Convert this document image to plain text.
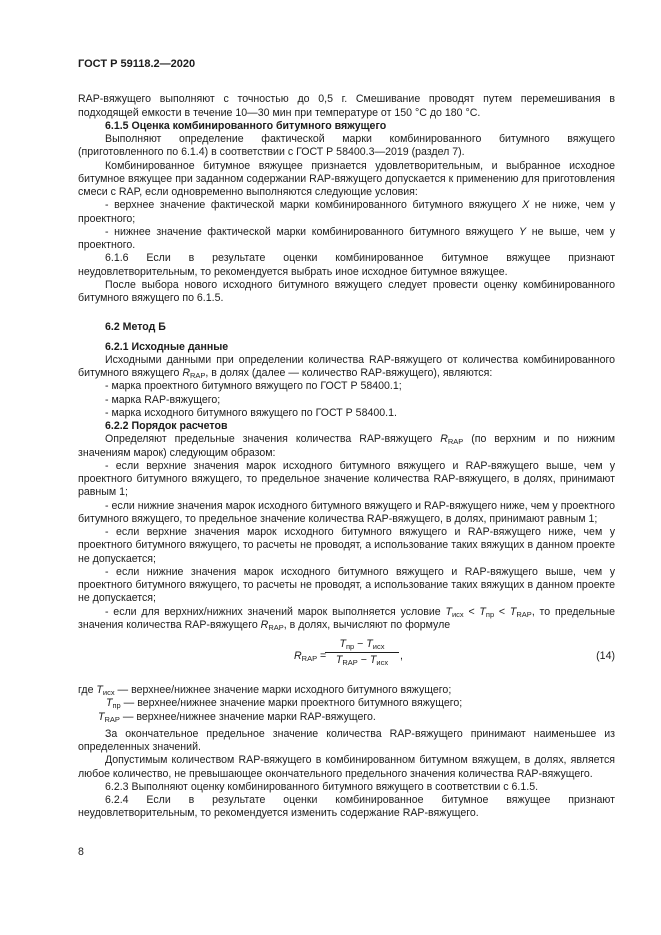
ГОСТ Р 59118.2—2020

RAP-вяжущего выполняют с точностью до 0,5 г. Смешивание проводят путем перемешивания в подходящей емкости в течение 10—30 мин при температуре от 150 °С до 180 °С.

6.1.5 Оценка комбинированного битумного вяжущего

Выполняют определение фактической марки комбинированного битумного вяжущего (приготовленного по 6.1.4) в соответствии с ГОСТ Р 58400.3—2019 (раздел 7).

Комбинированное битумное вяжущее признается удовлетворительным, и выбранное исходное битумное вяжущее при заданном содержании RAP-вяжущего допускается к применению для приготовления смеси с RAP, если одновременно выполняются следующие условия:

- верхнее значение фактической марки комбинированного битумного вяжущего X не ниже, чем у проектного;

- нижнее значение фактической марки комбинированного битумного вяжущего Y не выше, чем у проектного.

6.1.6 Если в результате оценки комбинированное битумное вяжущее признают неудовлетворительным, то рекомендуется выбрать иное исходное битумное вяжущее.

После выбора нового исходного битумного вяжущего следует провести оценку комбинированного битумного вяжущего по 6.1.5.

6.2 Метод Б

6.2.1 Исходные данные

Исходными данными при определении количества RAP-вяжущего от количества комбинированного битумного вяжущего $R_{RAP}$, в долях (далее — количество RAP-вяжущего), являются:

- марка проектного битумного вяжущего по ГОСТ Р 58400.1;

- марка RAP-вяжущего;

- марка исходного битумного вяжущего по ГОСТ Р 58400.1.

6.2.2 Порядок расчетов

Определяют предельные значения количества RAP-вяжущего $R_{RAP}$ (по верхним и по нижним значениям марок) следующим образом:

- если верхние значения марок исходного битумного вяжущего и RAP-вяжущего выше, чем у проектного битумного вяжущего, то предельное значение количества RAP-вяжущего, в долях, принимают равным 1;

- если нижние значения марок исходного битумного вяжущего и RAP-вяжущего ниже, чем у проектного битумного вяжущего, то предельное значение количества RAP-вяжущего, в долях, принимают равным 1;

- если верхние значения марок исходного битумного вяжущего и RAP-вяжущего ниже, чем у проектного битумного вяжущего, то расчеты не проводят, а использование таких вяжущих в данном проекте не допускается;

- если нижние значения марок исходного битумного вяжущего и RAP-вяжущего выше, чем у проектного битумного вяжущего, то расчеты не проводят, а использование таких вяжущих в данном проекте не допускается;

- если для верхних/нижних значений марок выполняется условие $T_{исх} < T_{пр} < T_{RAP}$, то предельные значения количества RAP-вяжущего $R_{RAP}$, в долях, вычисляют по формуле

$R_{RAP}$ =
$T_{пр} - T_{исх}$
$T_{RAP} - T_{исх}$
,	(14)
где $T_{исх}$ — верхнее/нижнее значение марки исходного битумного вяжущего;
$T_{пр}$ — верхнее/нижнее значение марки проектного битумного вяжущего;
$T_{RAP}$ — верхнее/нижнее значение марки RAP-вяжущего.

За окончательное предельное значение количества RAP-вяжущего принимают наименьшее из определенных значений.

Допустимым количеством RAP-вяжущего в комбинированном битумном вяжущем, в долях, является любое количество, не превышающее окончательного предельного значения количества RAP-вяжущего.

6.2.3 Выполняют оценку комбинированного битумного вяжущего в соответствии с 6.1.5.

6.2.4 Если в результате оценки комбинированное битумное вяжущее признают неудовлетворительным, то рекомендуется изменить содержание RAP-вяжущего.

8
